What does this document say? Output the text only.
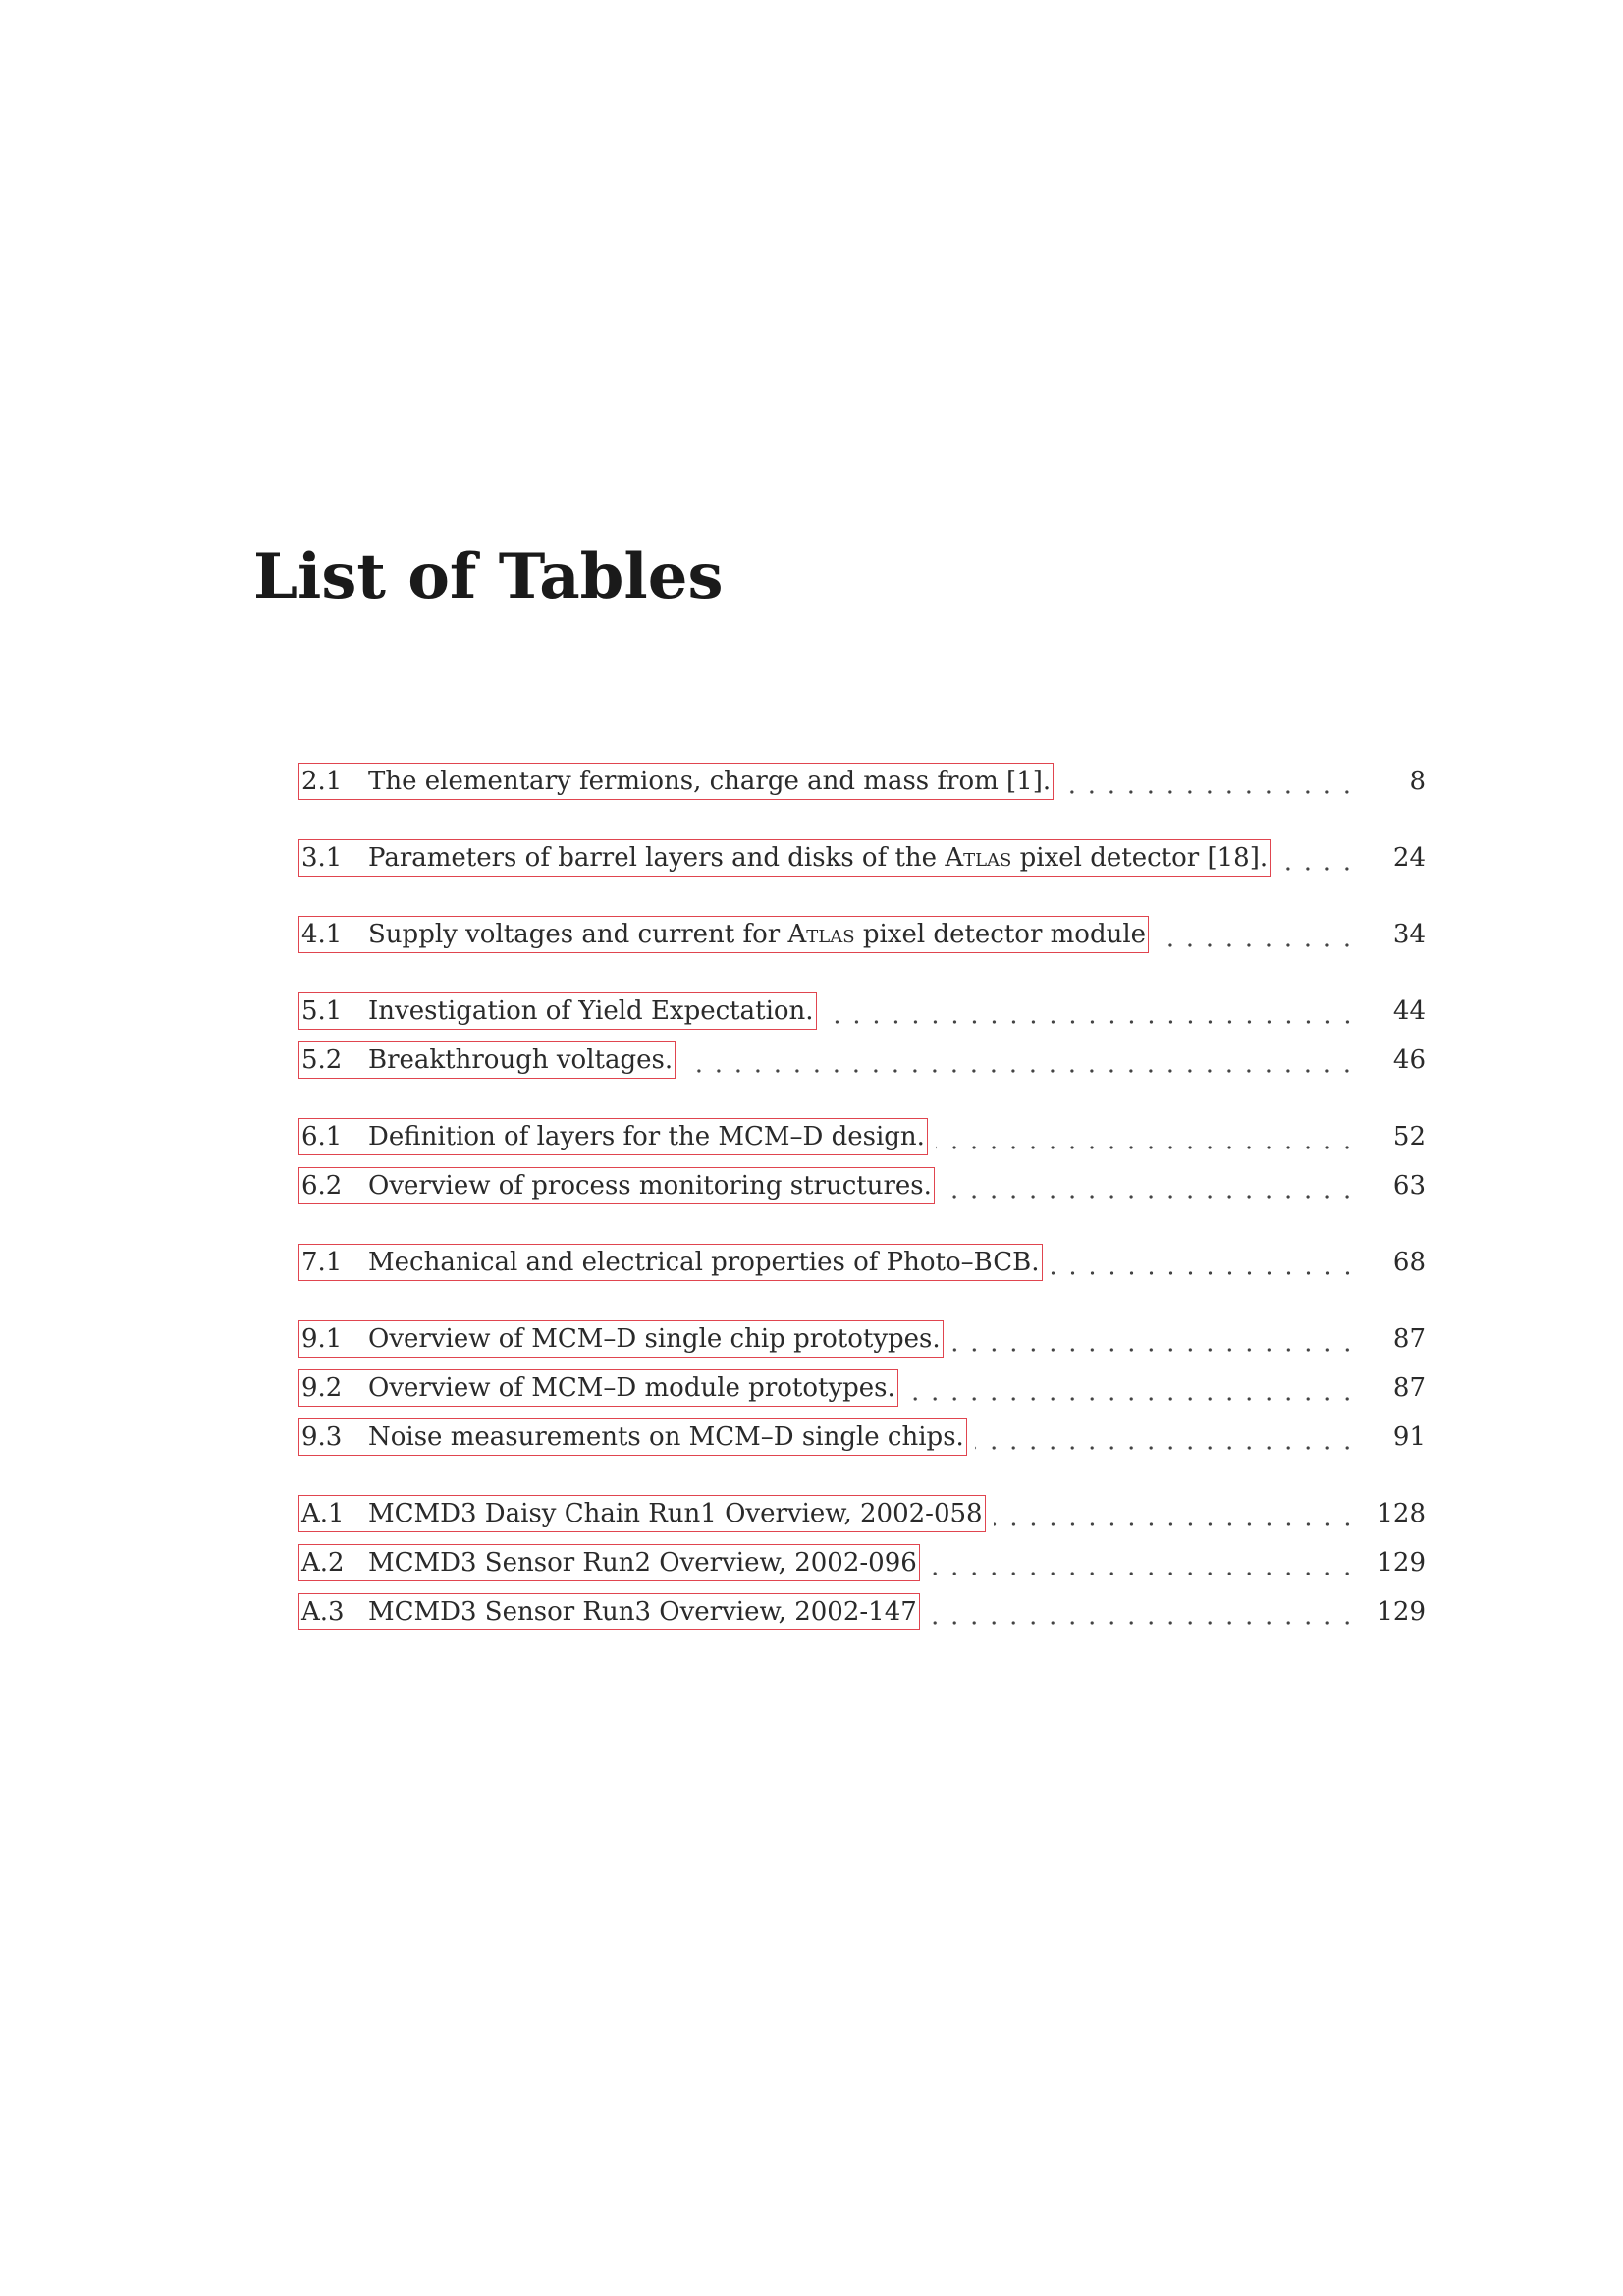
List of Tables
2.1	The elementary fermions, charge and mass from [1].	8
3.1	Parameters of barrel layers and disks of the Atlas pixel detector [18].	24
4.1	Supply voltages and current for Atlas pixel detector module	34
5.1	Investigation of Yield Expectation.	44
5.2	Breakthrough voltages.	46
6.1	Definition of layers for the MCM–D design.	52
6.2	Overview of process monitoring structures.	63
7.1	Mechanical and electrical properties of Photo–BCB.	68
9.1	Overview of MCM–D single chip prototypes.	87
9.2	Overview of MCM–D module prototypes.	87
9.3	Noise measurements on MCM–D single chips.	91
A.1 MCMD3 Daisy Chain Run1 Overview, 2002-058	128
A.2 MCMD3 Sensor Run2 Overview, 2002-096	129
A.3 MCMD3 Sensor Run3 Overview, 2002-147	129
